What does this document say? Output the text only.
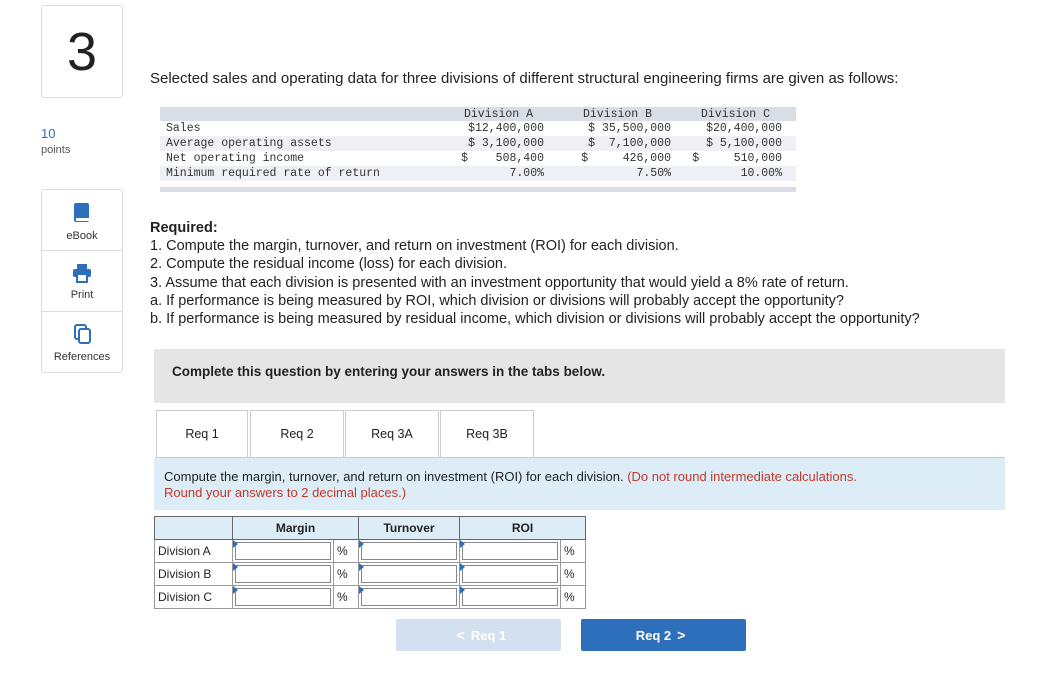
3
10
points
eBook
Print
References
Selected sales and operating data for three divisions of different structural engineering firms are given as follows:
Division A	Division B	Division C
Sales	$12,400,000	$ 35,500,000	$20,400,000
Average operating assets	$ 3,100,000	$  7,100,000	$ 5,100,000
Net operating income	$    508,400	$     426,000 $     510,000
Minimum required rate of return	7.00%	7.50%	10.00%
Required:
1. Compute the margin, turnover, and return on investment (ROI) for each division.
2. Compute the residual income (loss) for each division.
3. Assume that each division is presented with an investment opportunity that would yield a 8% rate of return.
a. If performance is being measured by ROI, which division or divisions will probably accept the opportunity?
b. If performance is being measured by residual income, which division or divisions will probably accept the opportunity?
Complete this question by entering your answers in the tabs below.
Req 1	Req 2	Req 3A	Req 3B
Compute the margin, turnover, and return on investment (ROI) for each division. (Do not round intermediate calculations.
Round your answers to 2 decimal places.)
	Margin		Turnover	ROI	
Division A		%			%
Division B		%			%
Division C		%			%
< Req 1	Req 2 >
